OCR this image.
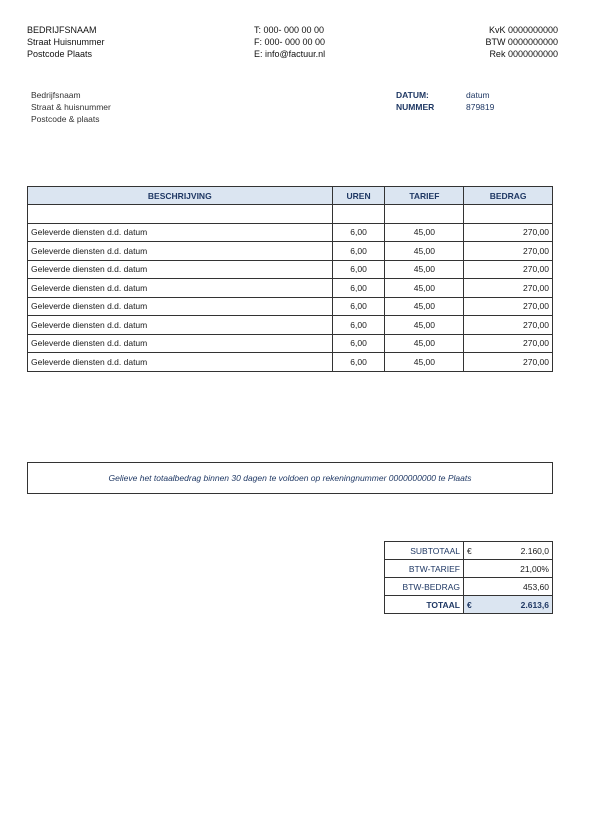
BEDRIJFSNAAM
Straat Huisnummer
Postcode Plaats
T: 000- 000 00 00
F: 000- 000 00 00
E: info@factuur.nl
KvK 0000000000
BTW 0000000000
Rek 0000000000
Bedrijfsnaam
Straat & huisnummer
Postcode & plaats
DATUM:	datum
NUMMER	879819
BESCHRIJVING	UREN	TARIEF	BEDRAG

Geleverde diensten d.d. datum	6,00	45,00	270,00
Geleverde diensten d.d. datum	6,00	45,00	270,00
Geleverde diensten d.d. datum	6,00	45,00	270,00
Geleverde diensten d.d. datum	6,00	45,00	270,00
Geleverde diensten d.d. datum	6,00	45,00	270,00
Geleverde diensten d.d. datum	6,00	45,00	270,00
Geleverde diensten d.d. datum	6,00	45,00	270,00
Geleverde diensten d.d. datum	6,00	45,00	270,00
Gelieve het totaalbedrag binnen 30 dagen te voldoen op rekeningnummer 0000000000 te Plaats
SUBTOTAAL	€ 2.160,0
BTW-TARIEF	21,00%
BTW-BEDRAG	453,60
TOTAAL	€ 2.613,6
